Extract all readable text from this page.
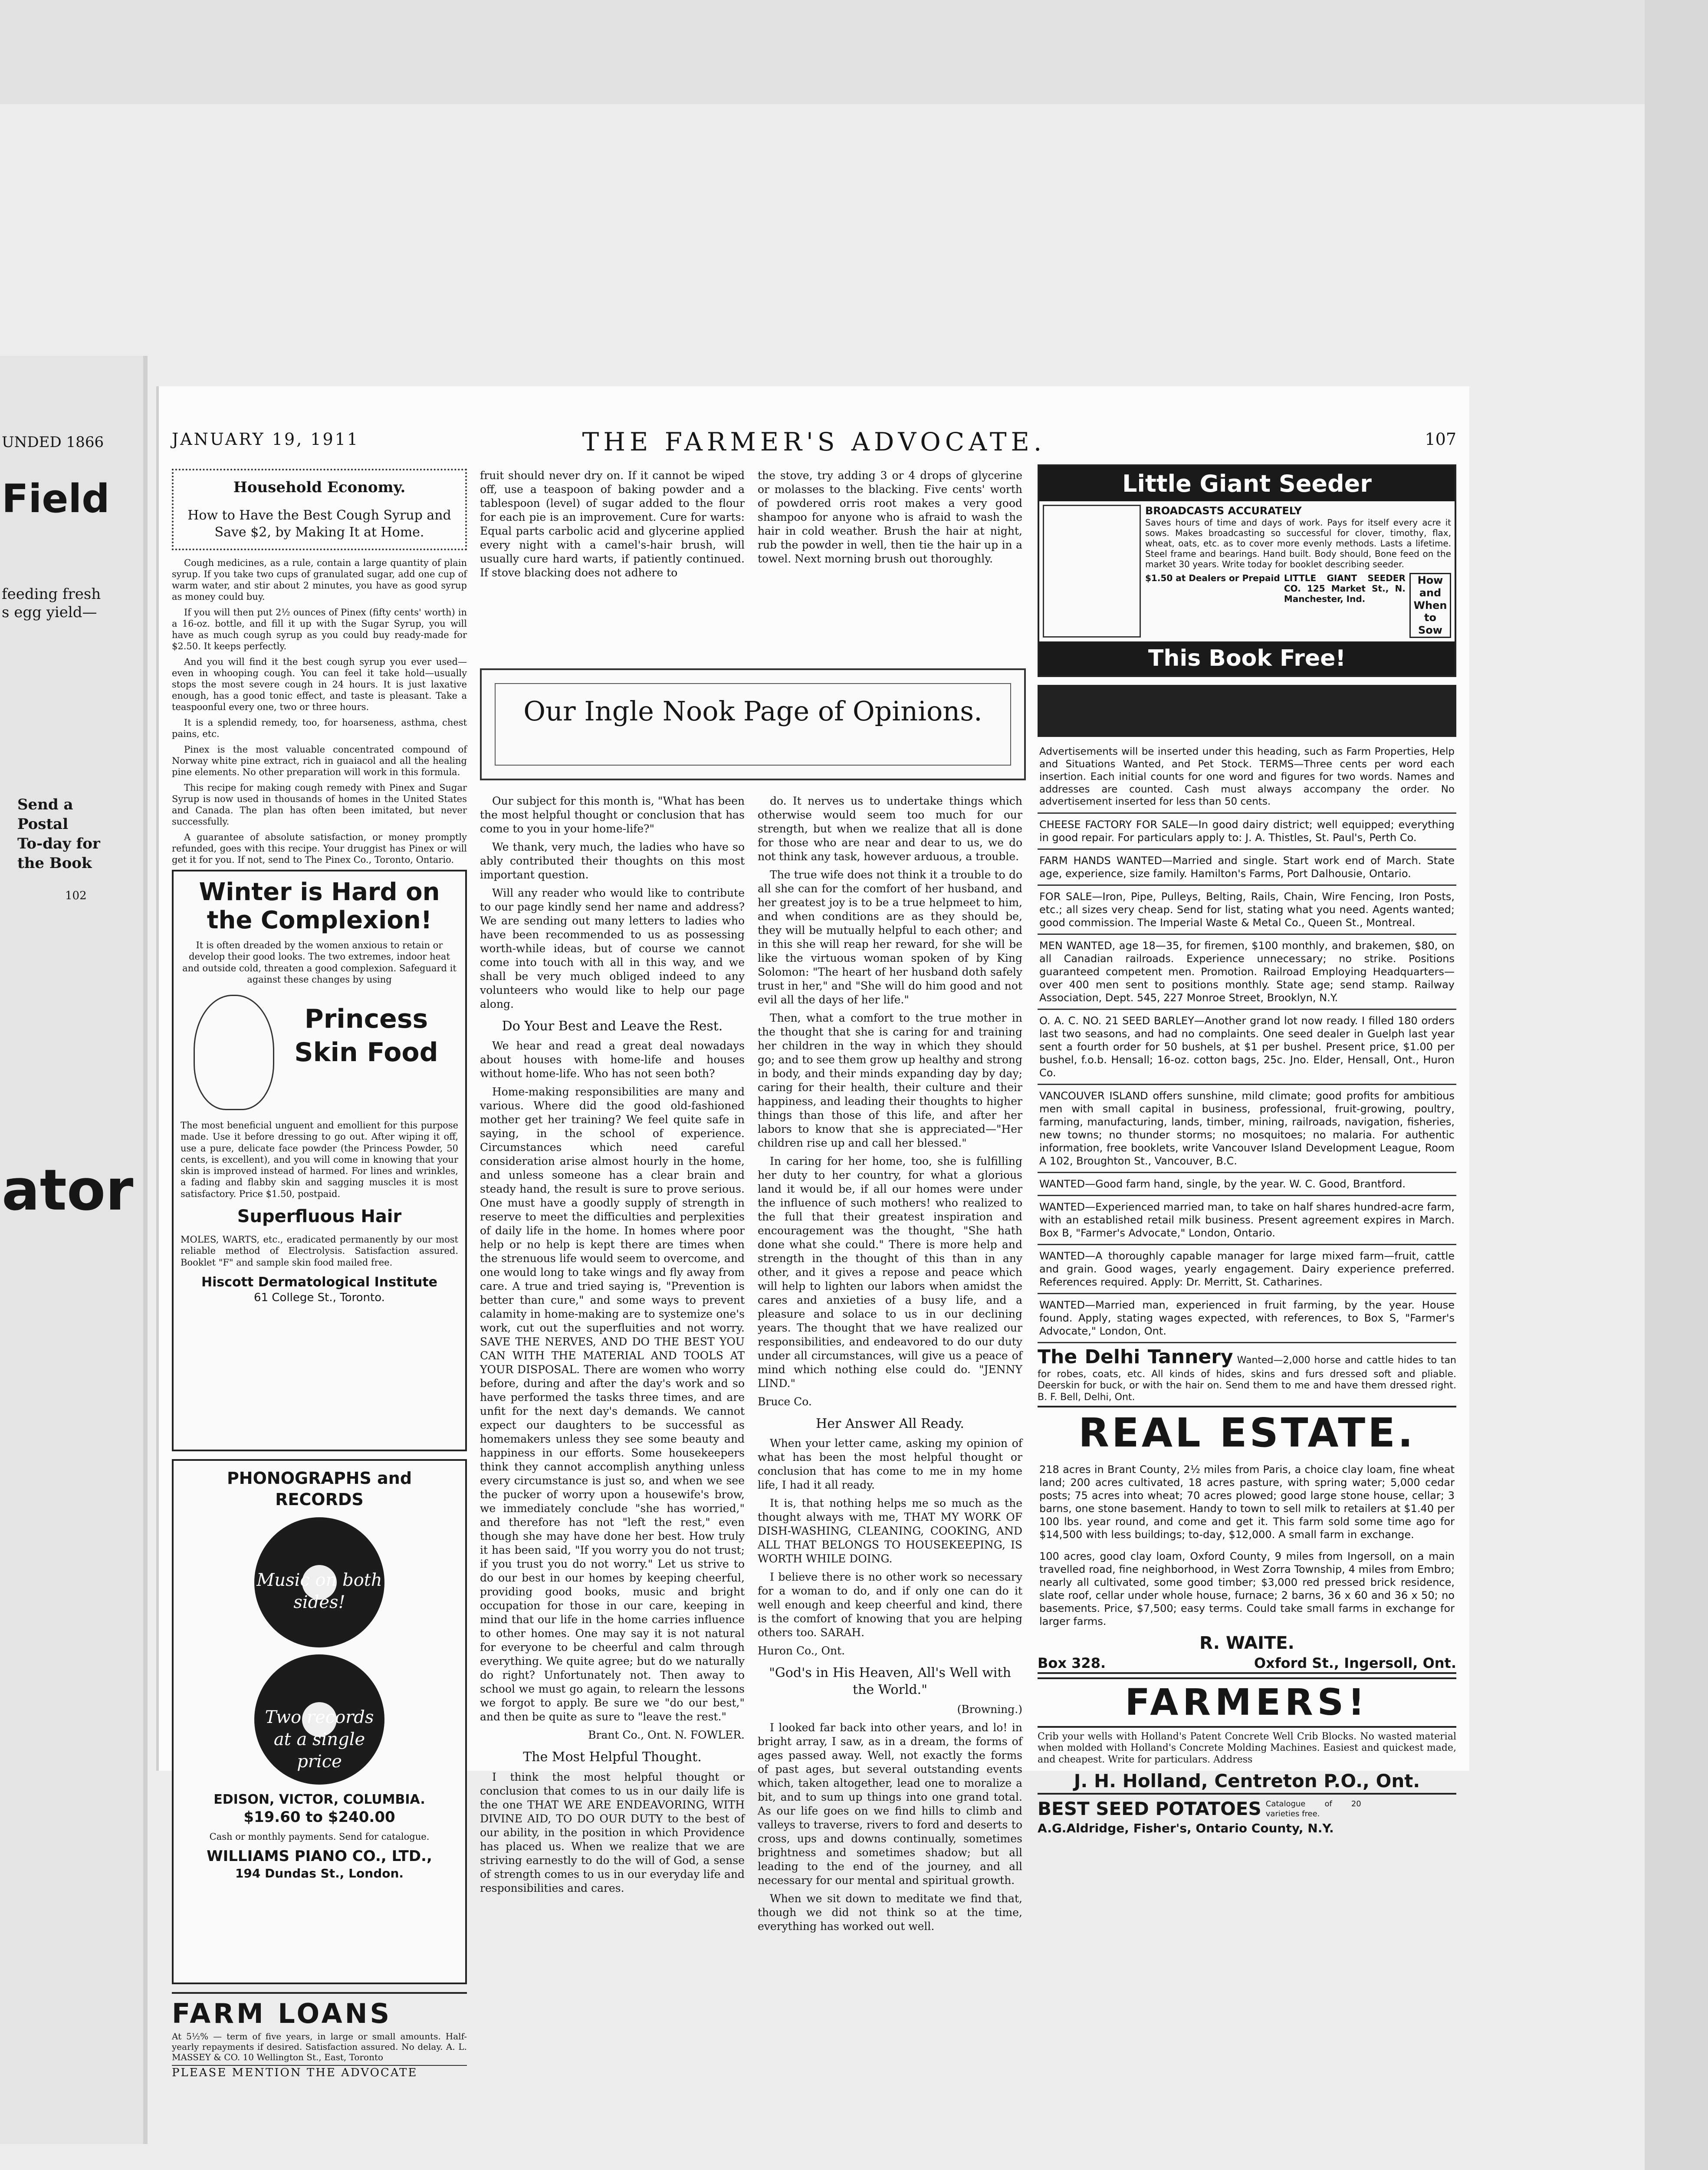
UNDED 1866
Field
feeding fresh
s egg yield—
Send a
Postal
To-day for
the Book
102
ator
JANUARY 19, 1911	THE FARMER'S ADVOCATE.	107
Household Economy.
How to Have the Best Cough Syrup and Save $2, by Making It at Home.

Cough medicines, as a rule, contain a large quantity of plain syrup. If you take two cups of granulated sugar, add one cup of warm water, and stir about 2 minutes, you have as good syrup as money could buy.

If you will then put 2½ ounces of Pinex (fifty cents' worth) in a 16-oz. bottle, and fill it up with the Sugar Syrup, you will have as much cough syrup as you could buy ready-made for $2.50. It keeps perfectly.

And you will find it the best cough syrup you ever used—even in whooping cough. You can feel it take hold—usually stops the most severe cough in 24 hours. It is just laxative enough, has a good tonic effect, and taste is pleasant. Take a teaspoonful every one, two or three hours.

It is a splendid remedy, too, for hoarseness, asthma, chest pains, etc.

Pinex is the most valuable concentrated compound of Norway white pine extract, rich in guaiacol and all the healing pine elements. No other preparation will work in this formula.

This recipe for making cough remedy with Pinex and Sugar Syrup is now used in thousands of homes in the United States and Canada. The plan has often been imitated, but never successfully.

A guarantee of absolute satisfaction, or money promptly refunded, goes with this recipe. Your druggist has Pinex or will get it for you. If not, send to The Pinex Co., Toronto, Ontario.

Winter is Hard on the Complexion!
It is often dreaded by the women anxious to retain or develop their good looks. The two extremes, indoor heat and outside cold, threaten a good complexion. Safeguard it against these changes by using
Princess
Skin Food
The most beneficial unguent and emollient for this purpose made. Use it before dressing to go out. After wiping it off, use a pure, delicate face powder (the Princess Powder, 50 cents, is excellent), and you will come in knowing that your skin is improved instead of harmed. For lines and wrinkles, a fading and flabby skin and sagging muscles it is most satisfactory. Price $1.50, postpaid.
Superfluous Hair
MOLES, WARTS, etc., eradicated permanently by our most reliable method of Electrolysis. Satisfaction assured. Booklet "F" and sample skin food mailed free.
Hiscott Dermatological Institute
61 College St., Toronto.
PHONOGRAPHS and RECORDS
Music on both sides!
Two records at a single price
EDISON, VICTOR, COLUMBIA.
$19.60 to $240.00
Cash or monthly payments. Send for catalogue.
WILLIAMS PIANO CO., LTD.,
194 Dundas St., London.
FARM LOANS
At 5½% — term of five years, in large or small amounts. Half-yearly repayments if desired. Satisfaction assured. No delay. A. L. MASSEY & CO. 10 Wellington St., East, Toronto
PLEASE MENTION THE ADVOCATE

fruit should never dry on. If it cannot be wiped off, use a teaspoon of baking powder and a tablespoon (level) of sugar added to the flour for each pie is an improvement. Cure for warts: Equal parts carbolic acid and glycerine applied every night with a camel's-hair brush, will usually cure hard warts, if patiently continued. If stove blacking does not adhere to

the stove, try adding 3 or 4 drops of glycerine or molasses to the blacking. Five cents' worth of powdered orris root makes a very good shampoo for anyone who is afraid to wash the hair in cold weather. Brush the hair at night, rub the powder in well, then tie the hair up in a towel. Next morning brush out thoroughly.

Our Ingle Nook Page of Opinions.

Our subject for this month is, "What has been the most helpful thought or conclusion that has come to you in your home-life?"

We thank, very much, the ladies who have so ably contributed their thoughts on this most important question.

Will any reader who would like to contribute to our page kindly send her name and address? We are sending out many letters to ladies who have been recommended to us as possessing worth-while ideas, but of course we cannot come into touch with all in this way, and we shall be very much obliged indeed to any volunteers who would like to help our page along.

Do Your Best and Leave the Rest.

We hear and read a great deal nowadays about houses with home-life and houses without home-life. Who has not seen both?

Home-making responsibilities are many and various. Where did the good old-fashioned mother get her training? We feel quite safe in saying, in the school of experience. Circumstances which need careful consideration arise almost hourly in the home, and unless someone has a clear brain and steady hand, the result is sure to prove serious. One must have a goodly supply of strength in reserve to meet the difficulties and perplexities of daily life in the home. In homes where poor help or no help is kept there are times when the strenuous life would seem to overcome, and one would long to take wings and fly away from care. A true and tried saying is, "Prevention is better than cure," and some ways to prevent calamity in home-making are to systemize one's work, cut out the superfluities and not worry. SAVE THE NERVES, AND DO THE BEST YOU CAN WITH THE MATERIAL AND TOOLS AT YOUR DISPOSAL. There are women who worry before, during and after the day's work and so have performed the tasks three times, and are unfit for the next day's demands. We cannot expect our daughters to be successful as homemakers unless they see some beauty and happiness in our efforts. Some housekeepers think they cannot accomplish anything unless every circumstance is just so, and when we see the pucker of worry upon a housewife's brow, we immediately conclude "she has worried," and therefore has not "left the rest," even though she may have done her best. How truly it has been said, "If you worry you do not trust; if you trust you do not worry." Let us strive to do our best in our homes by keeping cheerful, providing good books, music and bright occupation for those in our care, keeping in mind that our life in the home carries influence to other homes. One may say it is not natural for everyone to be cheerful and calm through everything. We quite agree; but do we naturally do right? Unfortunately not. Then away to school we must go again, to relearn the lessons we forgot to apply. Be sure we "do our best," and then be quite as sure to "leave the rest."

Brant Co., Ont. N. FOWLER.

The Most Helpful Thought.

I think the most helpful thought or conclusion that comes to us in our daily life is the one THAT WE ARE ENDEAVORING, WITH DIVINE AID, TO DO OUR DUTY to the best of our ability, in the position in which Providence has placed us. When we realize that we are striving earnestly to do the will of God, a sense of strength comes to us in our everyday life and responsibilities and cares.

do. It nerves us to undertake things which otherwise would seem too much for our strength, but when we realize that all is done for those who are near and dear to us, we do not think any task, however arduous, a trouble.

The true wife does not think it a trouble to do all she can for the comfort of her husband, and her greatest joy is to be a true helpmeet to him, and when conditions are as they should be, they will be mutually helpful to each other; and in this she will reap her reward, for she will be like the virtuous woman spoken of by King Solomon: "The heart of her husband doth safely trust in her," and "She will do him good and not evil all the days of her life."

Then, what a comfort to the true mother in the thought that she is caring for and training her children in the way in which they should go; and to see them grow up healthy and strong in body, and their minds expanding day by day; caring for their health, their culture and their happiness, and leading their thoughts to higher things than those of this life, and after her labors to know that she is appreciated—"Her children rise up and call her blessed."

In caring for her home, too, she is fulfilling her duty to her country, for what a glorious land it would be, if all our homes were under the influence of such mothers! who realized to the full that their greatest inspiration and encouragement was the thought, "She hath done what she could." There is more help and strength in the thought of this than in any other, and it gives a repose and peace which will help to lighten our labors when amidst the cares and anxieties of a busy life, and a pleasure and solace to us in our declining years. The thought that we have realized our responsibilities, and endeavored to do our duty under all circumstances, will give us a peace of mind which nothing else could do. "JENNY LIND."

Bruce Co.

Her Answer All Ready.

When your letter came, asking my opinion of what has been the most helpful thought or conclusion that has come to me in my home life, I had it all ready.

It is, that nothing helps me so much as the thought always with me, THAT MY WORK OF DISH-WASHING, CLEANING, COOKING, AND ALL THAT BELONGS TO HOUSEKEEPING, IS WORTH WHILE DOING.

I believe there is no other work so necessary for a woman to do, and if only one can do it well enough and keep cheerful and kind, there is the comfort of knowing that you are helping others too. SARAH.

Huron Co., Ont.

"God's in His Heaven, All's Well with the World."

(Browning.)

I looked far back into other years, and lo! in bright array, I saw, as in a dream, the forms of ages passed away. Well, not exactly the forms of past ages, but several outstanding events which, taken altogether, lead one to moralize a bit, and to sum up things into one grand total. As our life goes on we find hills to climb and valleys to traverse, rivers to ford and deserts to cross, ups and downs continually, sometimes brightness and sometimes shadow; but all leading to the end of the journey, and all necessary for our mental and spiritual growth.

When we sit down to meditate we find that, though we did not think so at the time, everything has worked out well.

Little Giant Seeder
BROADCASTS ACCURATELY
Saves hours of time and days of work. Pays for itself every acre it sows. Makes broadcasting so successful for clover, timothy, flax, wheat, oats, etc. as to cover more evenly methods. Lasts a lifetime. Steel frame and bearings. Hand built. Body should, Bone feed on the market 30 years. Write today for booklet describing seeder.
$1.50 at Dealers or Prepaid LITTLE GIANT SEEDER CO. 125 Market St., N. Manchester, Ind.
How and When to Sow
This Book Free!
Advertisements will be inserted under this heading, such as Farm Properties, Help and Situations Wanted, and Pet Stock. TERMS—Three cents per word each insertion. Each initial counts for one word and figures for two words. Names and addresses are counted. Cash must always accompany the order. No advertisement inserted for less than 50 cents.
CHEESE FACTORY FOR SALE—In good dairy district; well equipped; everything in good repair. For particulars apply to: J. A. Thistles, St. Paul's, Perth Co.
FARM HANDS WANTED—Married and single. Start work end of March. State age, experience, size family. Hamilton's Farms, Port Dalhousie, Ontario.
FOR SALE—Iron, Pipe, Pulleys, Belting, Rails, Chain, Wire Fencing, Iron Posts, etc.; all sizes very cheap. Send for list, stating what you need. Agents wanted; good commission. The Imperial Waste & Metal Co., Queen St., Montreal.
MEN WANTED, age 18—35, for firemen, $100 monthly, and brakemen, $80, on all Canadian railroads. Experience unnecessary; no strike. Positions guaranteed competent men. Promotion. Railroad Employing Headquarters—over 400 men sent to positions monthly. State age; send stamp. Railway Association, Dept. 545, 227 Monroe Street, Brooklyn, N.Y.
O. A. C. NO. 21 SEED BARLEY—Another grand lot now ready. I filled 180 orders last two seasons, and had no complaints. One seed dealer in Guelph last year sent a fourth order for 50 bushels, at $1 per bushel. Present price, $1.00 per bushel, f.o.b. Hensall; 16-oz. cotton bags, 25c. Jno. Elder, Hensall, Ont., Huron Co.
VANCOUVER ISLAND offers sunshine, mild climate; good profits for ambitious men with small capital in business, professional, fruit-growing, poultry, farming, manufacturing, lands, timber, mining, railroads, navigation, fisheries, new towns; no thunder storms; no mosquitoes; no malaria. For authentic information, free booklets, write Vancouver Island Development League, Room A 102, Broughton St., Vancouver, B.C.
WANTED—Good farm hand, single, by the year. W. C. Good, Brantford.
WANTED—Experienced married man, to take on half shares hundred-acre farm, with an established retail milk business. Present agreement expires in March. Box B, "Farmer's Advocate," London, Ontario.
WANTED—A thoroughly capable manager for large mixed farm—fruit, cattle and grain. Good wages, yearly engagement. Dairy experience preferred. References required. Apply: Dr. Merritt, St. Catharines.
WANTED—Married man, experienced in fruit farming, by the year. House found. Apply, stating wages expected, with references, to Box S, "Farmer's Advocate," London, Ont.
The Delhi Tannery Wanted—2,000 horse and cattle hides to tan for robes, coats, etc. All kinds of hides, skins and furs dressed soft and pliable. Deerskin for buck, or with the hair on. Send them to me and have them dressed right. B. F. Bell, Delhi, Ont.
REAL ESTATE.
218 acres in Brant County, 2½ miles from Paris, a choice clay loam, fine wheat land; 200 acres cultivated, 18 acres pasture, with spring water; 5,000 cedar posts; 75 acres into wheat; 70 acres plowed; good large stone house, cellar; 3 barns, one stone basement. Handy to town to sell milk to retailers at $1.40 per 100 lbs. year round, and come and get it. This farm sold some time ago for $14,500 with less buildings; to-day, $12,000. A small farm in exchange.
100 acres, good clay loam, Oxford County, 9 miles from Ingersoll, on a main travelled road, fine neighborhood, in West Zorra Township, 4 miles from Embro; nearly all cultivated, some good timber; $3,000 red pressed brick residence, slate roof, cellar under whole house, furnace; 2 barns, 36 x 60 and 36 x 50; no basements. Price, $7,500; easy terms. Could take small farms in exchange for larger farms.
R. WAITE.
Box 328.	Oxford St., Ingersoll, Ont.
FARMERS!
Crib your wells with Holland's Patent Concrete Well Crib Blocks. No wasted material when molded with Holland's Concrete Molding Machines. Easiest and quickest made, and cheapest. Write for particulars. Address
J. H. Holland, Centreton P.O., Ont.
BEST SEED POTATOES Catalogue of 20 varieties free.
A.G.Aldridge, Fisher's, Ontario County, N.Y.
